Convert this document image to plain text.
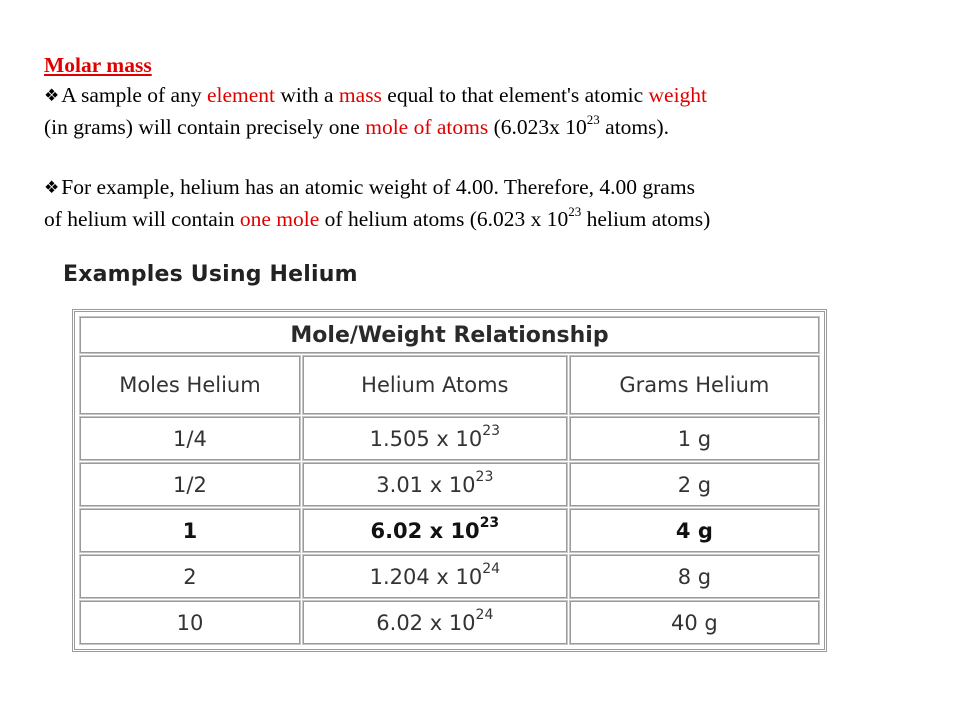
Molar mass
❖A sample of any element with a mass equal to that element's atomic weight
(in grams) will contain precisely one mole of atoms (6.023x $10^{23}$ atoms).
❖For example, helium has an atomic weight of 4.00. Therefore, 4.00 grams
of helium will contain one mole of helium atoms (6.023 x $10^{23}$ helium atoms)
Examples Using Helium
Mole/Weight Relationship		
Moles Helium	Helium Atoms	Grams Helium
1/4	1.505 x $10^{23}$	1 g
1/2	3.01 x $10^{23}$	2 g
1	6.02 x $10^{23}$	4 g
2	1.204 x $10^{24}$	8 g
10	6.02 x $10^{24}$	40 g
